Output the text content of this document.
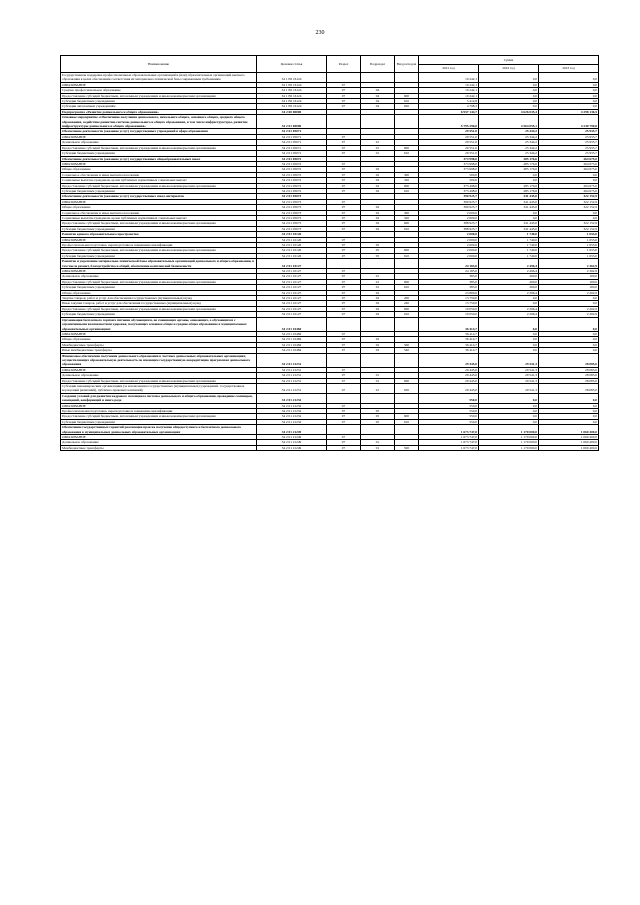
230
Наименование	Целевая статья	Раздел	Подраздел	Вид расходов	Сумма		
					2021 год	2022 год	2023 год
Государственная поддержка профессиональных образовательных организаций и (или) образовательных организаций высшего образования в целях обеспечения соответствия их материально-технической базы современным требованиям	34 1 E6 16124				10 242,1	0,0	0,0
ОБРАЗОВАНИЕ	34 1 E6 16124	07			10 242,1	0,0	0,0
Среднее профессиональное образование	34 1 E6 16124	07	04		10 242,1	0,0	0,0
Предоставление субсидий бюджетным, автономным учреждениям и иным некоммерческим организациям	34 1 E6 16124	07	04	600	10 242,1	0,0	0,0
Субсидии бюджетным учреждениям	34 1 E6 16124	07	04	610	5 412,8	0,0	0,0
Субсидии автономным учреждениям	34 1 E6 16124	07	04	620	4 798,3	0,0	0,0
Подпрограмма «Развитие дошкольного и общего образования»	34 2 00 00000				6 957 144,7	4 626 035,4	4 298 136,5
Основное мероприятие «Обеспечение получения дошкольного, начального общего, основного общего, среднего общего образования, содействие развитию системы дошкольного и общего образования, в том числе инфраструктуры, развитие инфраструктуры дошкольного и общего образования»	34 2 01 00000				5 795 296,0	4 564 055,1	4 240 790,8
Обеспечение деятельности (оказание услуг) государственных учреждений в сфере образования	34 2 01 05071				29 551,0	25 344,2	25 935,7
ОБРАЗОВАНИЕ	34 2 01 05071	07			29 551,0	25 344,2	25 935,7
Дошкольное образование	34 2 01 05071	07	01		29 551,0	25 344,2	25 935,7
Предоставление субсидий бюджетным, автономным учреждениям и иным некоммерческим организациям	34 2 01 05071	07	01	600	29 551,0	25 344,2	25 935,7
Субсидии бюджетным учреждениям	34 2 01 05071	07	01	610	29 551,0	25 344,2	25 935,7
Обеспечение деятельности (оказание услуг) государственных общеобразовательных школ	34 2 01 05072				373 998,0	285 176,6	264 675,0
ОБРАЗОВАНИЕ	34 2 01 05072	07			373 998,0	285 176,6	264 675,0
Общее образование	34 2 01 05072	07	02		373 998,0	285 176,6	264 675,0
Социальное обеспечение и иные выплаты населению	34 2 01 05072	07	02	300	500,0	0,0	0,0
Социальные выплаты гражданам, кроме публичных нормативных социальных выплат	34 2 01 05072	07	02	320	500,0	0,0	0,0
Предоставление субсидий бюджетным, автономным учреждениям и иным некоммерческим организациям	34 2 01 05072	07	02	600	373 498,0	285 176,6	264 675,0
Субсидии бюджетным учреждениям	34 2 01 05072	07	02	610	373 498,0	285 176,6	264 675,0
Обеспечение деятельности (оказание услуг) государственных школ-интернатов	34 2 01 05073				390 925,7	341 445,0	322 152,9
ОБРАЗОВАНИЕ	34 2 01 05073	07			390 925,7	341 445,0	322 152,9
Общее образование	34 2 01 05073	07	02		390 925,7	341 445,0	322 152,9
Социальное обеспечение и иные выплаты населению	34 2 01 05073	07	02	300	2 000,0	0,0	0,0
Социальные выплаты гражданам, кроме публичных нормативных социальных выплат	34 2 01 05073	07	02	320	2 000,0	0,0	0,0
Предоставление субсидий бюджетным, автономным учреждениям и иным некоммерческим организациям	34 2 01 05073	07	02	600	388 925,7	341 445,0	322 152,9
Субсидии бюджетным учреждениям	34 2 01 05073	07	02	610	388 925,7	341 445,0	322 152,9
Развитие единого образовательного пространства	34 2 01 10126				2 000,0	1 740,0	1 653,0
ОБРАЗОВАНИЕ	34 2 01 10126	07			2 000,0	1 740,0	1 653,0
Профессиональная подготовка, переподготовка и повышение квалификации	34 2 01 10126	07	05		2 000,0	1 740,0	1 653,0
Предоставление субсидий бюджетным, автономным учреждениям и иным некоммерческим организациям	34 2 01 10126	07	05	600	2 000,0	1 740,0	1 653,0
Субсидии бюджетным учреждениям	34 2 01 10126	07	05	610	2 000,0	1 740,0	1 653,0
Развитие и укрепление материально-технической базы образовательных организаций дошкольного и общего образования, в том числе ремонт, благоустройство и общей, обеспечение комплексной безопасности	34 2 01 10127				24 183,0	2 496,4	2 362,9
ОБРАЗОВАНИЕ	34 2 01 10127	07			24 183,0	2 496,4	2 362,9
Дошкольное образование	34 2 01 10127	07	01		383,0	200,0	100,0
Предоставление субсидий бюджетным, автономным учреждениям и иным некоммерческим организациям	34 2 01 10127	07	01	600	383,0	200,0	100,0
Субсидии бюджетным учреждениям	34 2 01 10127	07	01	610	383,0	200,0	100,0
Общее образование	34 2 01 10127	07	02		23 800,0	2 296,4	2 262,9
Закупка товаров, работ и услуг для обеспечения государственных (муниципальных) нужд	34 2 01 10127	07	02	200	13 750,0	0,0	0,0
Иные закупки товаров, работ и услуг для обеспечения государственных (муниципальных) нужд	34 2 01 10127	07	02	240	13 750,0	0,0	0,0
Предоставление субсидий бюджетным, автономным учреждениям и иным некоммерческим организациям	34 2 01 10127	07	02	600	10 050,0	2 296,4	2 262,9
Субсидии бюджетным учреждениям	34 2 01 10127	07	02	610	10 050,0	2 296,4	2 262,9
Организация бесплатного горячего питания обучающихся, не сменяющих органы, опекающих, о обучающихся с ограниченными возможностями здоровья, получающих основное общее и среднее общее образование в муниципальных образовательных организациях	34 2 01 10484				36 414,7	0,0	0,0
ОБРАЗОВАНИЕ	34 2 01 10484	07			36 414,7	0,0	0,0
Общее образование	34 2 01 10484	07	02		36 414,7	0,0	0,0
Межбюджетные трансферты	34 2 01 10484	07	02	500	36 414,7	0,0	0,0
Иные межбюджетные трансферты	34 2 01 10484	07	02	540	36 414,7	0,0	0,0
Финансовое обеспечение получения дошкольного образования в частных дошкольных образовательных организациях, осуществляющих образовательную деятельность по имеющим государственную аккредитацию программам дошкольного образования	34 2 01 21231				29 445,0	29 541,3	28 085,0
ОБРАЗОВАНИЕ	34 2 01 21231	07			29 445,0	29 541,3	28 085,0
Дошкольное образование	34 2 01 21231	07	01		29 445,0	29 541,3	28 085,0
Предоставление субсидий бюджетным, автономным учреждениям и иным некоммерческим организациям	34 2 01 21231	07	01	600	29 445,0	29 541,3	28 085,0
Субсидии некоммерческим организациям (за исключением государственных (муниципальных) учреждений, государственных корпораций (компаний), публично-правовых компаний)	34 2 01 21231	07	01	630	29 445,0	29 541,3	28 085,0
Создание условий для развития кадрового потенциала системы дошкольного и общего образования, проведение семинаров, совещаний, конференций и иного рода	34 2 01 21232				550,0	0,0	0,0
ОБРАЗОВАНИЕ	34 2 01 21232	07			550,0	0,0	0,0
Профессиональная подготовка, переподготовка и повышение квалификации	34 2 01 21232	07	05		550,0	0,0	0,0
Предоставление субсидий бюджетным, автономным учреждениям и иным некоммерческим организациям	34 2 01 21232	07	05	600	550,0	0,0	0,0
Субсидии бюджетным учреждениям	34 2 01 21232	07	05	610	550,0	0,0	0,0
Обеспечение государственных гарантий реализации прав на получение общедоступного и бесплатного дошкольного образования в муниципальных дошкольных образовательных организациях	34 2 01 21249				1 673 747,0	1 170 000,0	1 060 400,0
ОБРАЗОВАНИЕ	34 2 01 21249	07			1 673 747,0	1 170 000,0	1 060 400,0
Дошкольное образование	34 2 01 21249	07	01		1 673 747,0	1 170 000,0	1 060 400,0
Межбюджетные трансферты	34 2 01 21249	07	01	500	1 673 747,0	1 170 000,0	1 060 400,0
